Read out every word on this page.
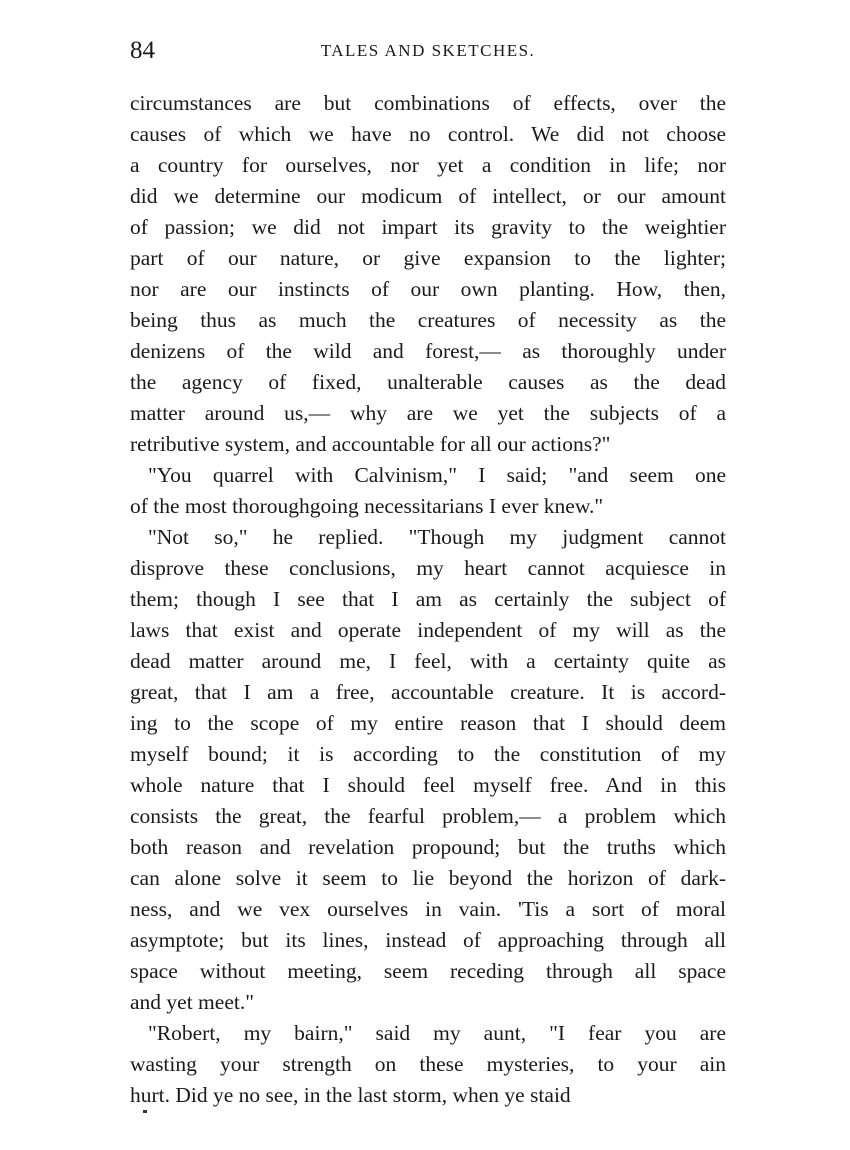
84	TALES AND SKETCHES.
circumstances are but combinations of effects, over the
causes of which we have no control. We did not choose
a country for ourselves, nor yet a condition in life; nor
did we determine our modicum of intellect, or our amount
of passion; we did not impart its gravity to the weightier
part of our nature, or give expansion to the lighter;
nor are our instincts of our own planting. How, then,
being thus as much the creatures of necessity as the
denizens of the wild and forest,— as thoroughly under
the agency of fixed, unalterable causes as the dead
matter around us,— why are we yet the subjects of a
retributive system, and accountable for all our actions?"
"You quarrel with Calvinism," I said; "and seem one
of the most thoroughgoing necessitarians I ever knew."
"Not so," he replied. "Though my judgment cannot
disprove these conclusions, my heart cannot acquiesce in
them; though I see that I am as certainly the subject of
laws that exist and operate independent of my will as the
dead matter around me, I feel, with a certainty quite as
great, that I am a free, accountable creature. It is accord-
ing to the scope of my entire reason that I should deem
myself bound; it is according to the constitution of my
whole nature that I should feel myself free. And in this
consists the great, the fearful problem,— a problem which
both reason and revelation propound; but the truths which
can alone solve it seem to lie beyond the horizon of dark-
ness, and we vex ourselves in vain. 'Tis a sort of moral
asymptote; but its lines, instead of approaching through all
space without meeting, seem receding through all space
and yet meet."
"Robert, my bairn," said my aunt, "I fear you are
wasting your strength on these mysteries, to your ain
hurt. Did ye no see, in the last storm, when ye staid
